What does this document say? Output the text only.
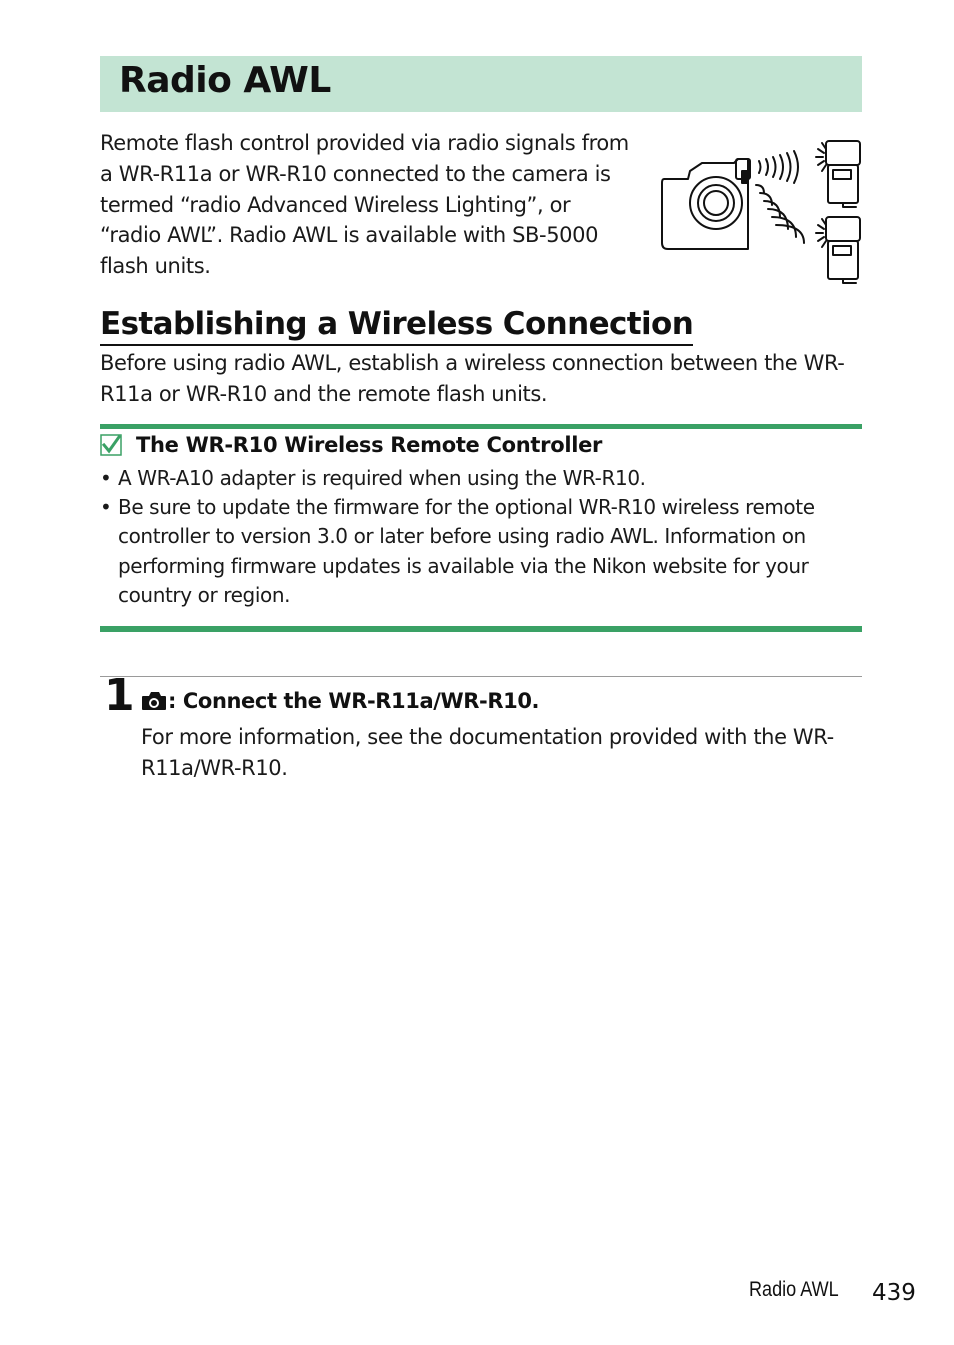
Radio AWL
Remote flash control provided via radio signals from a WR-R11a or WR-R10 connected to the camera is termed “radio Advanced Wireless Lighting”, or “radio AWL”. Radio AWL is available with SB-5000 flash units.
Establishing a Wireless Connection
Before using radio AWL, establish a wireless connection between the WR-R11a or WR-R10 and the remote flash units.
The WR-R10 Wireless Remote Controller
• A WR-A10 adapter is required when using the WR-R10.
• Be sure to update the firmware for the optional WR-R10 wireless remote controller to version 3.0 or later before using radio AWL. Information on performing firmware updates is available via the Nikon website for your country or region.
1 : Connect the WR-R11a/WR-R10.
For more information, see the documentation provided with the WR-R11a/WR-R10.
Radio AWL 439
